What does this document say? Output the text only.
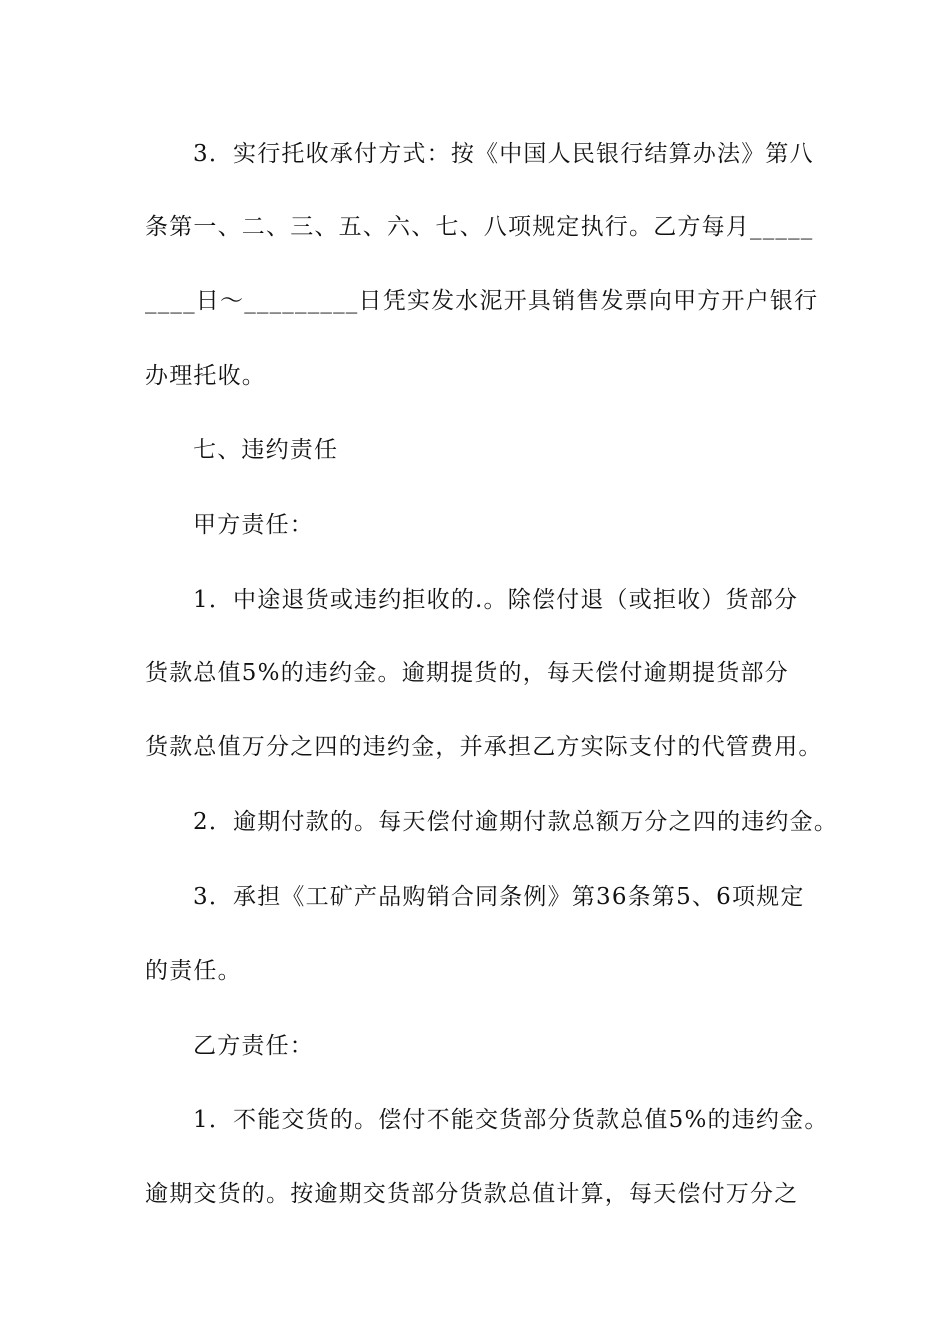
3．实行托收承付方式：按《中国人民银行结算办法》第八
条第一、二、三、五、六、七、八项规定执行。乙方每月_____
____日～_________日凭实发水泥开具销售发票向甲方开户银行
办理托收。
七、违约责任
甲方责任：
1．中途退货或违约拒收的.。除偿付退（或拒收）货部分
货款总值5%的违约金。逾期提货的，每天偿付逾期提货部分
货款总值万分之四的违约金，并承担乙方实际支付的代管费用。
2．逾期付款的。每天偿付逾期付款总额万分之四的违约金。
3．承担《工矿产品购销合同条例》第36条第5、6项规定
的责任。
乙方责任：
1．不能交货的。偿付不能交货部分货款总值5%的违约金。
逾期交货的。按逾期交货部分货款总值计算，每天偿付万分之
